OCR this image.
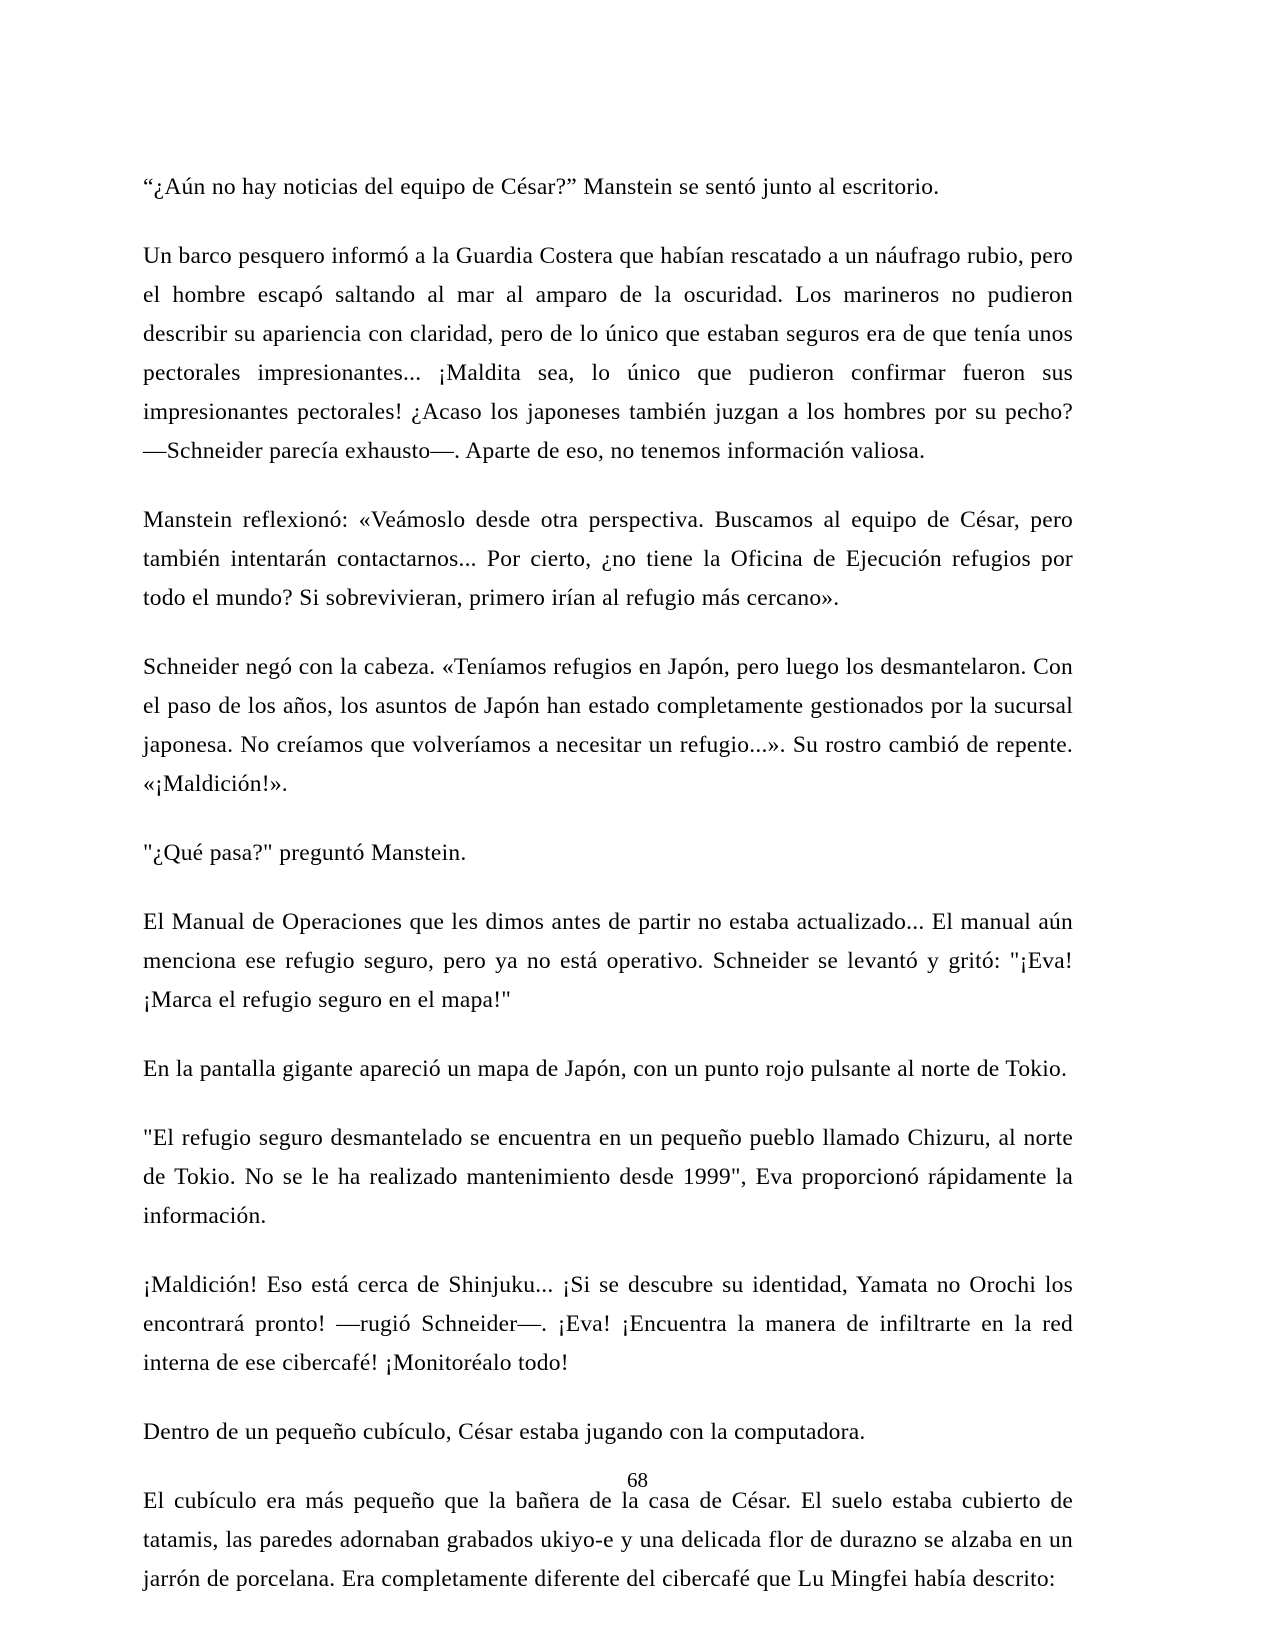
“¿Aún no hay noticias del equipo de César?” Manstein se sentó junto al escritorio.

Un barco pesquero informó a la Guardia Costera que habían rescatado a un náufrago rubio, pero el hombre escapó saltando al mar al amparo de la oscuridad. Los marineros no pudieron describir su apariencia con claridad, pero de lo único que estaban seguros era de que tenía unos pectorales impresionantes... ¡Maldita sea, lo único que pudieron confirmar fueron sus impresionantes pectorales! ¿Acaso los japoneses también juzgan a los hombres por su pecho? —Schneider parecía exhausto—. Aparte de eso, no tenemos información valiosa.

Manstein reflexionó: «Veámoslo desde otra perspectiva. Buscamos al equipo de César, pero también intentarán contactarnos... Por cierto, ¿no tiene la Oficina de Ejecución refugios por todo el mundo? Si sobrevivieran, primero irían al refugio más cercano».

Schneider negó con la cabeza. «Teníamos refugios en Japón, pero luego los desmantelaron. Con el paso de los años, los asuntos de Japón han estado completamente gestionados por la sucursal japonesa. No creíamos que volveríamos a necesitar un refugio...». Su rostro cambió de repente. «¡Maldición!».

"¿Qué pasa?" preguntó Manstein.

El Manual de Operaciones que les dimos antes de partir no estaba actualizado... El manual aún menciona ese refugio seguro, pero ya no está operativo. Schneider se levantó y gritó: "¡Eva! ¡Marca el refugio seguro en el mapa!"

En la pantalla gigante apareció un mapa de Japón, con un punto rojo pulsante al norte de Tokio.

"El refugio seguro desmantelado se encuentra en un pequeño pueblo llamado Chizuru, al norte de Tokio. No se le ha realizado mantenimiento desde 1999", Eva proporcionó rápidamente la información.

¡Maldición! Eso está cerca de Shinjuku... ¡Si se descubre su identidad, Yamata no Orochi los encontrará pronto! —rugió Schneider—. ¡Eva! ¡Encuentra la manera de infiltrarte en la red interna de ese cibercafé! ¡Monitoréalo todo!

Dentro de un pequeño cubículo, César estaba jugando con la computadora.

El cubículo era más pequeño que la bañera de la casa de César. El suelo estaba cubierto de tatamis, las paredes adornaban grabados ukiyo-e y una delicada flor de durazno se alzaba en un jarrón de porcelana. Era completamente diferente del cibercafé que Lu Mingfei había descrito:

68
